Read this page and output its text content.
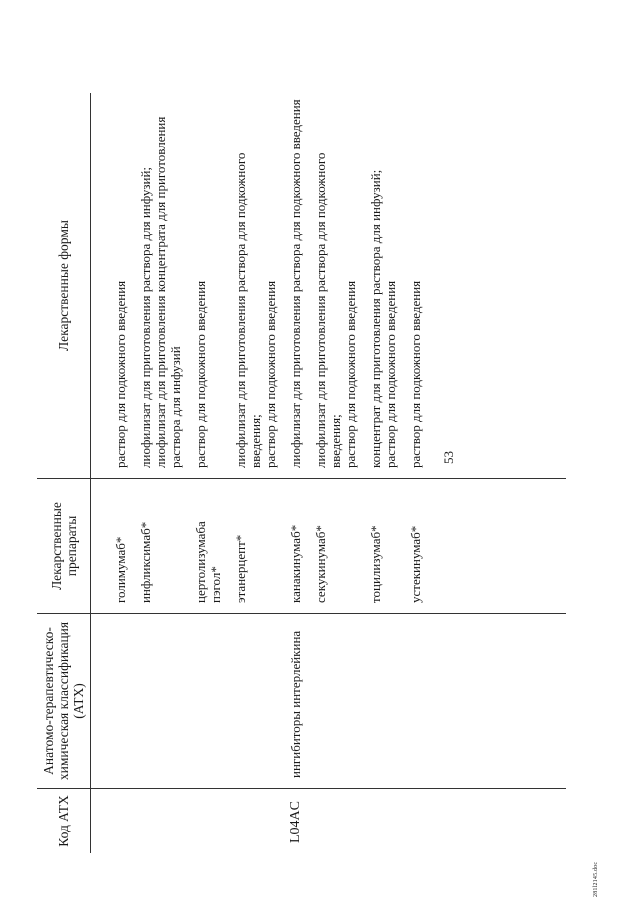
53
Код АТХ	Анатомо-терапевтическо-химическая классификация (АТХ)	Лекарственные препараты	Лекарственные формы
		голимумаб*	раствор для подкожного введения

		инфликсимаб*	лиофилизат для приготовления раствора для инфузий; лиофилизат для приготовления концентрата для приготовления раствора для инфузий

		цертолизумаба пэгол*	раствор для подкожного введения

		этанерцепт*	лиофилизат для приготовления раствора для подкожного введения; раствор для подкожного введения

L04AC	ингибиторы интерлейкина	канакинумаб*	лиофилизат для приготовления раствора для подкожного введения

		секукинумаб*	лиофилизат для приготовления раствора для подкожного введения; раствор для подкожного введения

		тоцилизумаб*	концентрат для приготовления раствора для инфузий; раствор для подкожного введения

		устекинумаб*	раствор для подкожного введения
281l2145.doc
